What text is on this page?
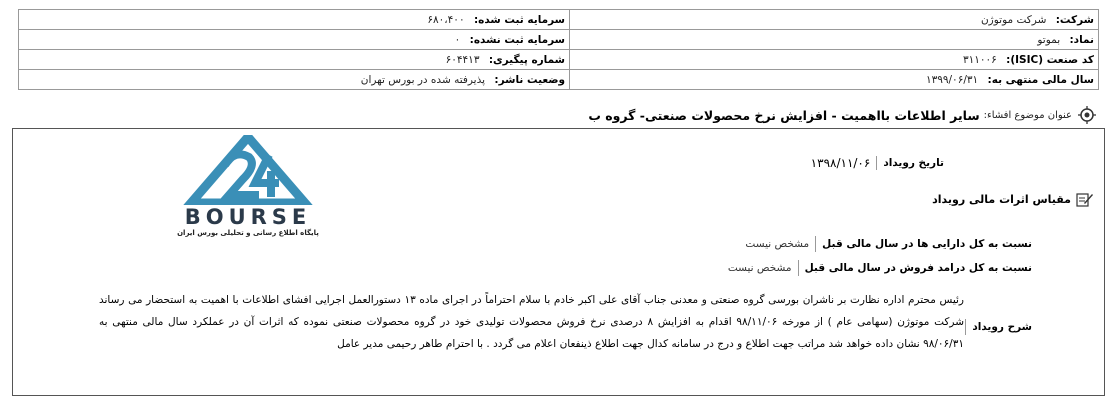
شرکت: شرکت موتوژن	سرمایه ثبت شده: ۶۸۰،۴۰۰
نماد: بموتو	سرمایه ثبت نشده: ۰
کد صنعت (ISIC): ۳۱۱۰۰۶	شماره پیگیری: ۶۰۴۴۱۳
سال مالی منتهی به: ۱۳۹۹/۰۶/۳۱	وضعیت ناشر: پذیرفته شده در بورس تهران
عنوان موضوع افشاء:
سایر اطلاعات بااهمیت - افزایش نرخ محصولات صنعتی- گروه ب
BOURSE
پایگاه اطلاع رسانی و تحلیلی بورس ایران
تاریخ رویداد
۱۳۹۸/۱۱/۰۶
مقیاس اثرات مالی رویداد
نسبت به کل دارایی ها در سال مالی قبل
مشخص نیست
نسبت به کل درامد فروش در سال مالی قبل
مشخص نیست
شرح رویداد
رئیس محترم اداره نظارت بر ناشران بورسی گروه صنعتی و معدنی جناب آقای علی اکبر خادم با سلام احتراماً در اجرای ماده ۱۳ دستورالعمل اجرایی افشای اطلاعات با اهمیت به استحضار می رساند شرکت موتوژن (سهامی عام ) از مورخه ۹۸/۱۱/۰۶ اقدام به افزایش ۸ درصدی نرخ فروش محصولات تولیدی خود در گروه محصولات صنعتی نموده که اثرات آن در عملکرد سال مالی منتهی به ۹۸/۰۶/۳۱ نشان داده خواهد شد مراتب جهت اطلاع و درج در سامانه کدال جهت اطلاع ذینفعان اعلام می گردد . با احترام طاهر رحیمی مدیر عامل
